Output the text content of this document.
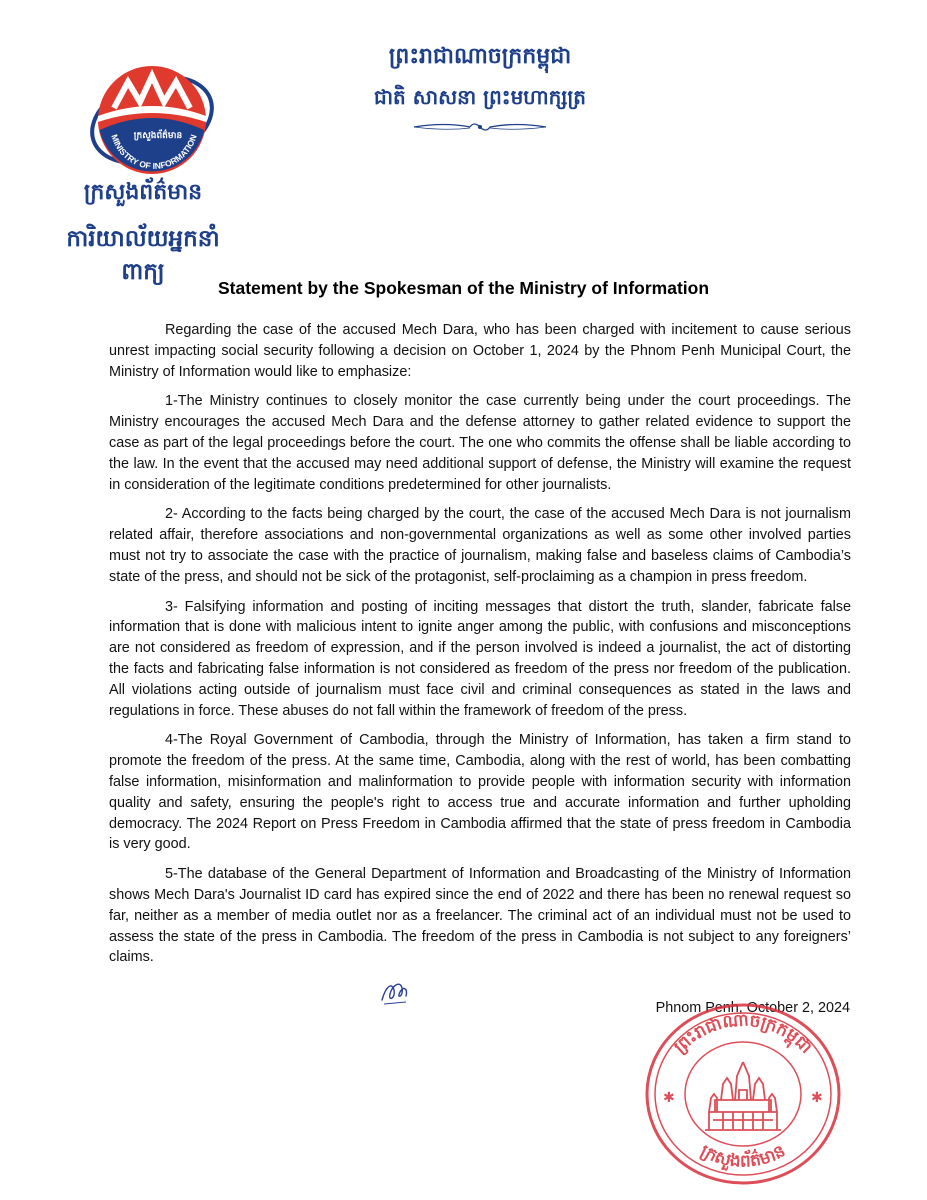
MINISTRY OF INFORMATION
ក្រសួងព័ត៌មាន
ក្រសួងព័ត៌មាន
ការិយាល័យអ្នកនាំពាក្យ
ព្រះរាជាណាចក្រកម្ពុជា
ជាតិ សាសនា ព្រះមហាក្សត្រ
Statement by the Spokesman of the Ministry of Information

Regarding the case of the accused Mech Dara, who has been charged with incitement to cause serious unrest impacting social security following a decision on October 1, 2024 by the Phnom Penh Municipal Court, the Ministry of Information would like to emphasize:

1-The Ministry continues to closely monitor the case currently being under the court proceedings. The Ministry encourages the accused Mech Dara and the defense attorney to gather related evidence to support the case as part of the legal proceedings before the court. The one who commits the offense shall be liable according to the law. In the event that the accused may need additional support of defense, the Ministry will examine the request in consideration of the legitimate conditions predetermined for other journalists.

2- According to the facts being charged by the court, the case of the accused Mech Dara is not journalism related affair, therefore associations and non-governmental organizations as well as some other involved parties must not try to associate the case with the practice of journalism, making false and baseless claims of Cambodia’s state of the press, and should not be sick of the protagonist, self-proclaiming as a champion in press freedom.

3- Falsifying information and posting of inciting messages that distort the truth, slander, fabricate false information that is done with malicious intent to ignite anger among the public, with confusions and misconceptions are not considered as freedom of expression, and if the person involved is indeed a journalist, the act of distorting the facts and fabricating false information is not considered as freedom of the press nor freedom of the publication. All violations acting outside of journalism must face civil and criminal consequences as stated in the laws and regulations in force. These abuses do not fall within the framework of freedom of the press.

4-The Royal Government of Cambodia, through the Ministry of Information, has taken a firm stand to promote the freedom of the press. At the same time, Cambodia, along with the rest of world, has been combatting false information, misinformation and malinformation to provide people with information security with information quality and safety, ensuring the people's right to access true and accurate information and further upholding democracy. The 2024 Report on Press Freedom in Cambodia affirmed that the state of press freedom in Cambodia is very good.

5-The database of the General Department of Information and Broadcasting of the Ministry of Information shows Mech Dara's Journalist ID card has expired since the end of 2022 and there has been no renewal request so far, neither as a member of media outlet nor as a freelancer. The criminal act of an individual must not be used to assess the state of the press in Cambodia. The freedom of the press in Cambodia is not subject to any foreigners’ claims.

Phnom Penh, October 2, 2024
ព្រះរាជាណាចក្រកម្ពុជា
ក្រសួងព័ត៌មាន
✱	✱
